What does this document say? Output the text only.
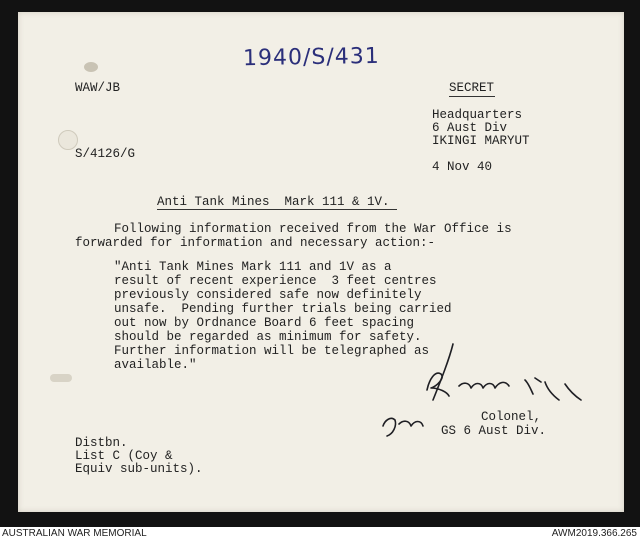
1940/S/431

WAW/JB	SECRET

Headquarters

6 Aust Div

IKINGI MARYUT

S/4126/G

4 Nov 40

Anti Tank Mines  Mark 111 & 1V.

Following information received from the War Office is

forwarded for information and necessary action:-

"Anti Tank Mines Mark 111 and 1V as a

result of recent experience  3 feet centres

previously considered safe now definitely

unsafe.  Pending further trials being carried

out now by Ordnance Board 6 feet spacing

should be regarded as minimum for safety.

Further information will be telegraphed as

available."

Colonel,

GS 6 Aust Div.

Distbn.

List C (Coy &

Equiv sub-units).

AUSTRALIAN WAR MEMORIAL	AWM2019.366.265
